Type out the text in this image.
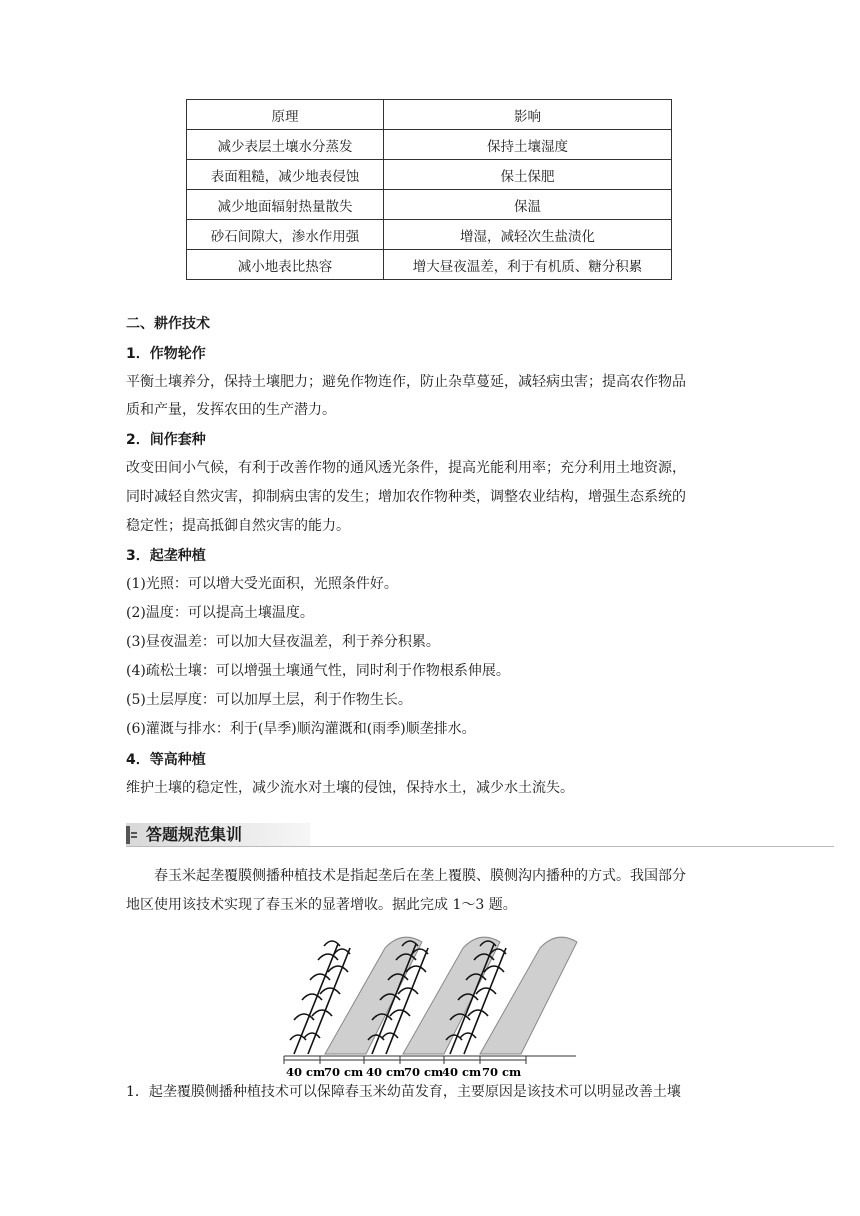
原理	影响
减少表层土壤水分蒸发	保持土壤湿度
表面粗糙，减少地表侵蚀	保土保肥
减少地面辐射热量散失	保温
砂石间隙大，渗水作用强	增湿，减轻次生盐渍化
减小地表比热容	增大昼夜温差，利于有机质、糖分积累
二、耕作技术
1．作物轮作
平衡土壤养分，保持土壤肥力；避免作物连作，防止杂草蔓延，减轻病虫害；提高农作物品
质和产量，发挥农田的生产潜力。
2．间作套种
改变田间小气候，有利于改善作物的通风透光条件，提高光能利用率；充分利用土地资源，
同时减轻自然灾害，抑制病虫害的发生；增加农作物种类，调整农业结构，增强生态系统的
稳定性；提高抵御自然灾害的能力。
3．起垄种植
(1)光照：可以增大受光面积，光照条件好。
(2)温度：可以提高土壤温度。
(3)昼夜温差：可以加大昼夜温差，利于养分积累。
(4)疏松土壤：可以增强土壤通气性，同时利于作物根系伸展。
(5)土层厚度：可以加厚土层，利于作物生长。
(6)灌溉与排水：利于(旱季)顺沟灌溉和(雨季)顺垄排水。
4．等高种植
维护土壤的稳定性，减少流水对土壤的侵蚀，保持水土，减少水土流失。
答题规范集训
春玉米起垄覆膜侧播种植技术是指起垄后在垄上覆膜、膜侧沟内播种的方式。我国部分
地区使用该技术实现了春玉米的显著增收。据此完成 1～3 题。
40 cm
70 cm 40 cm
70 cm
40 cm 70 cm
1．起垄覆膜侧播种植技术可以保障春玉米幼苗发育，主要原因是该技术可以明显改善土壤
